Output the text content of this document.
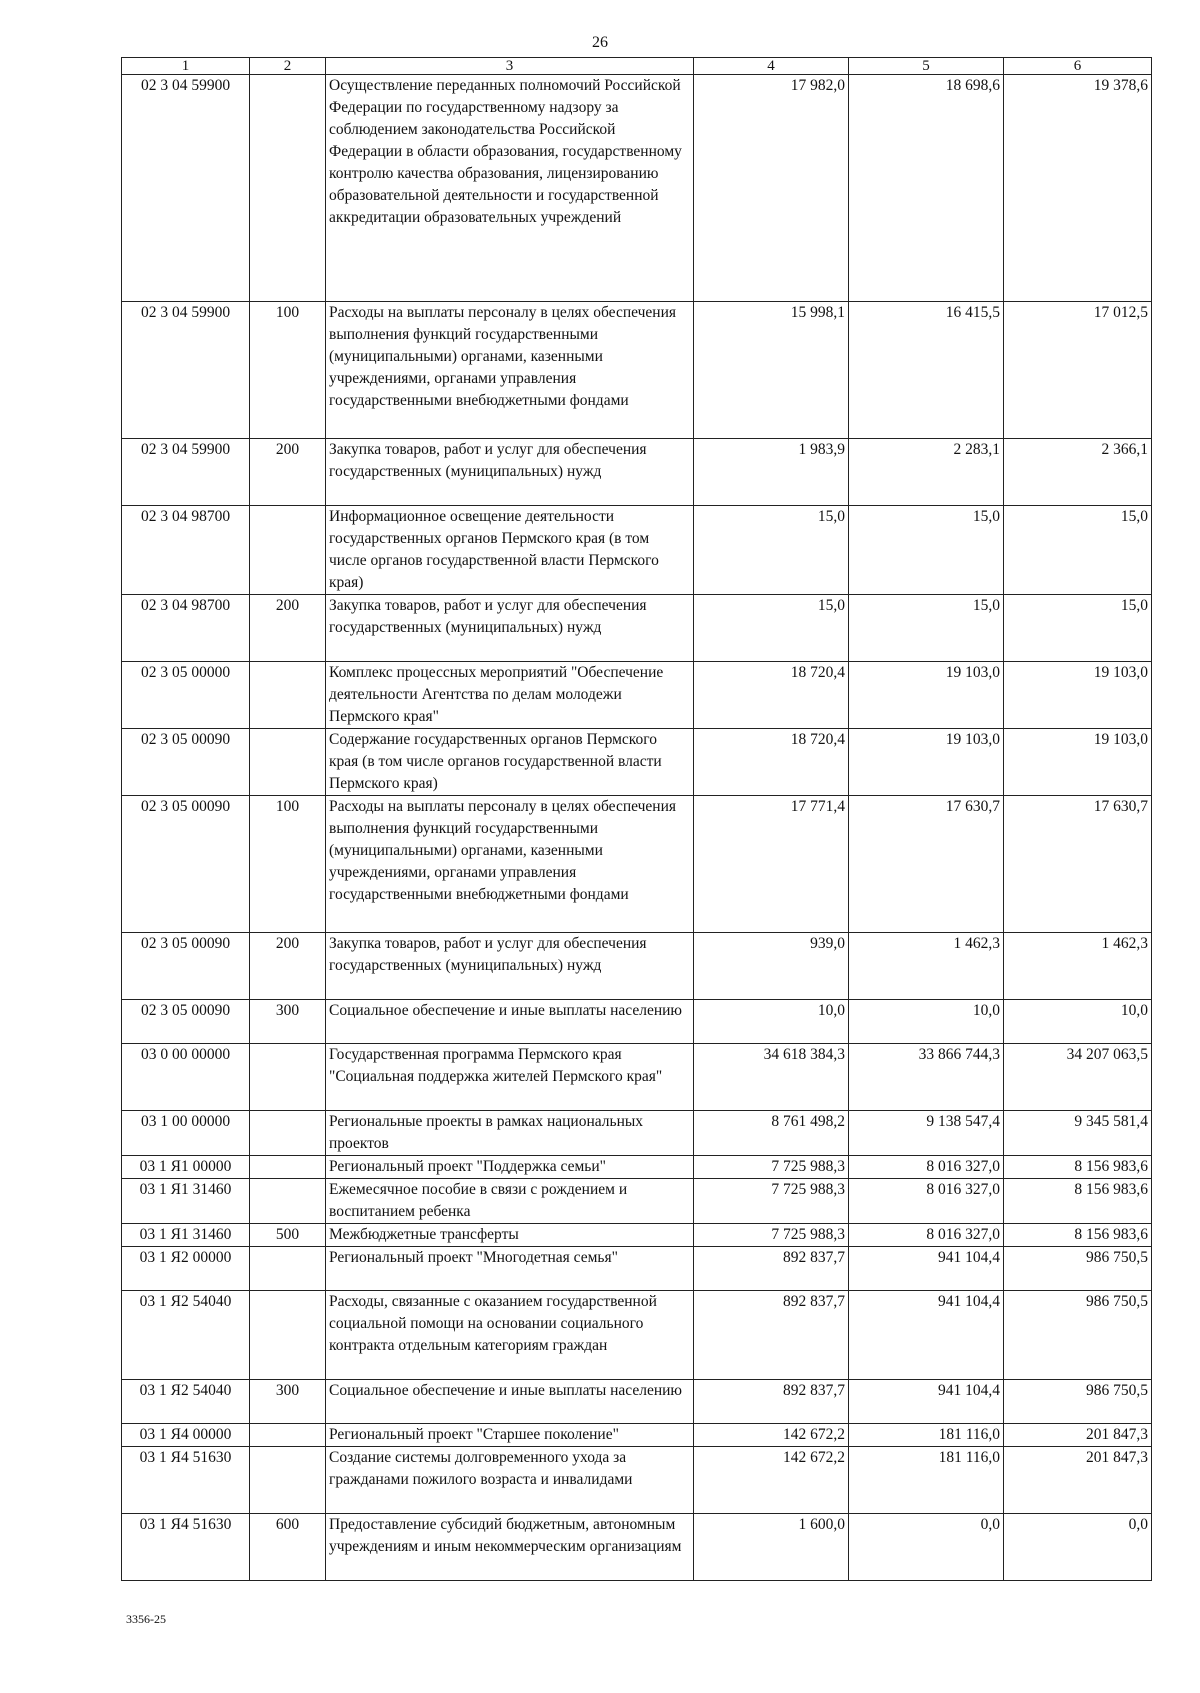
26
1	2	3	4	5	6
02 3 04 59900		Осуществление переданных полномочий Российской Федерации по государственному надзору за соблюдением законодательства Российской Федерации в области образования, государственному контролю качества образования, лицензированию образовательной деятельности и государственной аккредитации образовательных учреждений	17 982,0	18 698,6	19 378,6
02 3 04 59900	100	Расходы на выплаты персоналу в целях обеспечения выполнения функций государственными (муниципальными) органами, казенными учреждениями, органами управления государственными внебюджетными фондами	15 998,1	16 415,5	17 012,5
02 3 04 59900	200	Закупка товаров, работ и услуг для обеспечения государственных (муниципальных) нужд	1 983,9	2 283,1	2 366,1
02 3 04 98700		Информационное освещение деятельности государственных органов Пермского края (в том числе органов государственной власти Пермского края)	15,0	15,0	15,0
02 3 04 98700	200	Закупка товаров, работ и услуг для обеспечения государственных (муниципальных) нужд	15,0	15,0	15,0
02 3 05 00000		Комплекс процессных мероприятий "Обеспечение деятельности Агентства по делам молодежи Пермского края"	18 720,4	19 103,0	19 103,0
02 3 05 00090		Содержание государственных органов Пермского края (в том числе органов государственной власти Пермского края)	18 720,4	19 103,0	19 103,0
02 3 05 00090	100	Расходы на выплаты персоналу в целях обеспечения выполнения функций государственными (муниципальными) органами, казенными учреждениями, органами управления государственными внебюджетными фондами	17 771,4	17 630,7	17 630,7
02 3 05 00090	200	Закупка товаров, работ и услуг для обеспечения государственных (муниципальных) нужд	939,0	1 462,3	1 462,3
02 3 05 00090	300	Социальное обеспечение и иные выплаты населению	10,0	10,0	10,0
03 0 00 00000		Государственная программа Пермского края "Социальная поддержка жителей Пермского края"	34 618 384,3	33 866 744,3	34 207 063,5
03 1 00 00000		Региональные проекты в рамках национальных проектов	8 761 498,2	9 138 547,4	9 345 581,4
03 1 Я1 00000		Региональный проект "Поддержка семьи"	7 725 988,3	8 016 327,0	8 156 983,6
03 1 Я1 31460		Ежемесячное пособие в связи с рождением и воспитанием ребенка	7 725 988,3	8 016 327,0	8 156 983,6
03 1 Я1 31460	500	Межбюджетные трансферты	7 725 988,3	8 016 327,0	8 156 983,6
03 1 Я2 00000		Региональный проект "Многодетная семья"	892 837,7	941 104,4	986 750,5
03 1 Я2 54040		Расходы, связанные с оказанием государственной социальной помощи на основании социального контракта отдельным категориям граждан	892 837,7	941 104,4	986 750,5
03 1 Я2 54040	300	Социальное обеспечение и иные выплаты населению	892 837,7	941 104,4	986 750,5
03 1 Я4 00000		Региональный проект "Старшее поколение"	142 672,2	181 116,0	201 847,3
03 1 Я4 51630		Создание системы долговременного ухода за гражданами пожилого возраста и инвалидами	142 672,2	181 116,0	201 847,3
03 1 Я4 51630	600	Предоставление субсидий бюджетным, автономным учреждениям и иным некоммерческим организациям	1 600,0	0,0	0,0
3356-25
